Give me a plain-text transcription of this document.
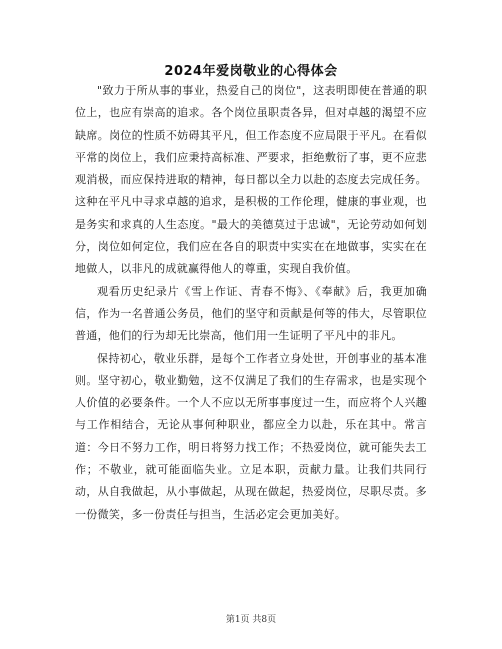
2024年爱岗敬业的心得体会

"致力于所从事的事业，热爱自己的岗位"，这表明即使在普通的职位上，也应有崇高的追求。各个岗位虽职责各异，但对卓越的渴望不应缺席。岗位的性质不妨碍其平凡，但工作态度不应局限于平凡。在看似平常的岗位上，我们应秉持高标准、严要求，拒绝敷衍了事，更不应悲观消极，而应保持进取的精神，每日都以全力以赴的态度去完成任务。这种在平凡中寻求卓越的追求，是积极的工作伦理，健康的事业观，也是务实和求真的人生态度。"最大的美德莫过于忠诚"，无论劳动如何划分，岗位如何定位，我们应在各自的职责中实实在在地做事，实实在在地做人，以非凡的成就赢得他人的尊重，实现自我价值。

观看历史纪录片《雪上作证、青春不悔》、《奉献》后，我更加确信，作为一名普通公务员，他们的坚守和贡献是何等的伟大，尽管职位普通，他们的行为却无比崇高，他们用一生证明了平凡中的非凡。

保持初心，敬业乐群，是每个工作者立身处世，开创事业的基本准则。坚守初心，敬业勤勉，这不仅满足了我们的生存需求，也是实现个人价值的必要条件。一个人不应以无所事事度过一生，而应将个人兴趣与工作相结合，无论从事何种职业，都应全力以赴，乐在其中。常言道：今日不努力工作，明日将努力找工作；不热爱岗位，就可能失去工作；不敬业，就可能面临失业。立足本职，贡献力量。让我们共同行动，从自我做起，从小事做起，从现在做起，热爱岗位，尽职尽责。多一份微笑，多一份责任与担当，生活必定会更加美好。

第1页 共8页
